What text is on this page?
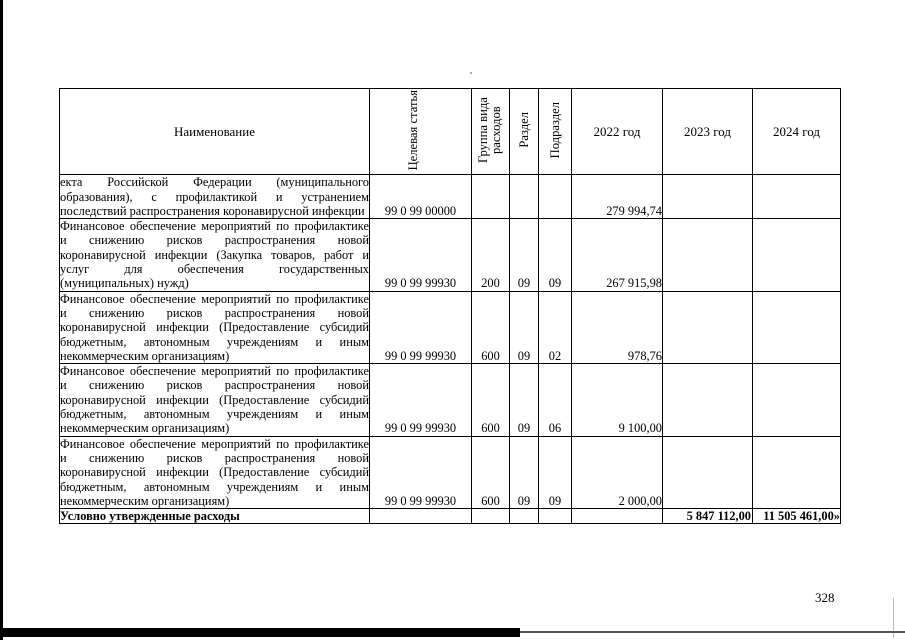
Наименование	Целевая статья	Группа вида расходов	Раздел	Подраздел	2022 год	2023 год	2024 год
екта Российской Федерации (муниципального образования), с профилактикой и устранением последствий распространения коронавирусной инфекции	99 0 99 00000				279 994,74		
Финансовое обеспечение мероприятий по профилактике и снижению рисков распространения новой коронавирусной инфекции (Закупка товаров, работ и услуг для обеспечения государственных (муниципальных) нужд)	99 0 99 99930	200	09	09	267 915,98		
Финансовое обеспечение мероприятий по профилактике и снижению рисков распространения новой коронавирусной инфекции (Предоставление субсидий бюджетным, автономным учреждениям и иным некоммерческим организациям)	99 0 99 99930	600	09	02	978,76		
Финансовое обеспечение мероприятий по профилактике и снижению рисков распространения новой коронавирусной инфекции (Предоставление субсидий бюджетным, автономным учреждениям и иным некоммерческим организациям)	99 0 99 99930	600	09	06	9 100,00		
Финансовое обеспечение мероприятий по профилактике и снижению рисков распространения новой коронавирусной инфекции (Предоставление субсидий бюджетным, автономным учреждениям и иным некоммерческим организациям)	99 0 99 99930	600	09	09	2 000,00		
Условно утвержденные расходы						5 847 112,00	11 505 461,00»
328
